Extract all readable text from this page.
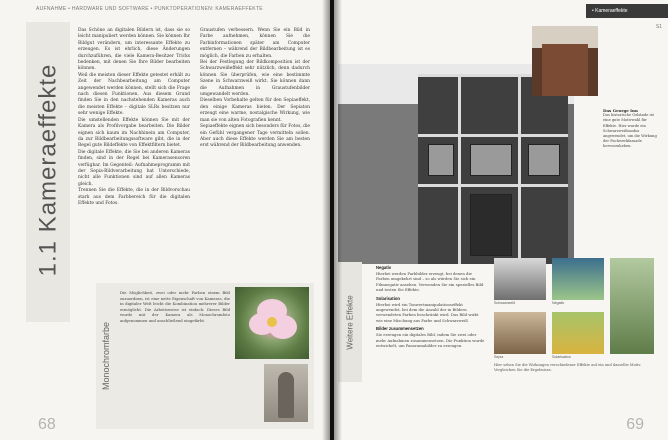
AUFNAHME • HARDWARE UND SOFTWARE • PUNKTOPERATIONEN: KAMERAEFFEKTE
1.1 Kameraeffekte

Das Schöne an digitalen Bildern ist, dass sie so leicht manipuliert werden können. Sie können Ihr Bildgut verändern, um interessante Effekte zu erzeugen. Es ist ehrlich, diese Änderungen durchzuführen, die viele Kamera-Besitzer Tricks bedenken, mit denen Sie Ihre Bilder bearbeiten können.

Weil die meisten dieser Effekte getestet erhält zu Zeit der Nachbearbeitung am Computer angewendet werden können, stellt sich die Frage nach diesen Funktionen. Aus diesem Grund finden Sie in den nachstehenden Kameras auch die meisten Effekte – digitale SLRs besitzen nur sehr wenige Effekte.

Die umstellenden Effekte können Sie mit der Kamera als Profilvorgabe bearbeiten. Die Bilder eignen sich kaum im Nachhinein am Computer, da zur Bildbearbeitungssoftware gibt, die in der Regel gute Bildeffekte von Effektfiltern bietet.

Die digitale Effekte, die Sie bei anderen Kameras finden, sind in der Regel bei Kamerasensoren verfügbar. Im Gegenteil: Aufnahmeprogramm mit der Sepia-Bildverarbeitung hat Unterschiede, nicht alle Funktionen sind auf allen Kameras gleich.

Trennen Sie die Effekte, die in der Bildvorschau stark aus dem Farbbereich für die digitalen Effekte und Fotos.

Graustufen verbessern. Wenn Sie ein Bild in Farbe aufnehmen, können Sie die Farbinformationen später am Computer entfernen – während der Bildbearbeitung ist es möglich, die Farben zu erhalten.

Bei der Festlegung der Bildkomposition ist der Schwarzweißeffekt sehr nützlich, denn dadurch können Sie überprüfen, wie eine bestimmte Szene in Schwarzweiß wirkt. Sie können dann die Aufnahmen in Graustufenbilder umgewandelt werden.

Dieselben Vorbehalte gelten für den Sepiaeffekt, den einige Kameras bieten. Der Sepiaton erzeugt eine warme, nostalgische Wirkung, wie man sie von alten Fotografien kennt.

Sepiaeffekte eignen sich besonders für Fotos, die ein Gefühl vergangener Tage vermitteln sollen. Aber auch diese Effekte werden Sie am besten erst während der Bildbearbeitung anwenden.

Monochromfarbe
Die Möglichkeit, zwei oder mehr Farben einem Bild zuzuordnen, ist eine nette Eigenschaft von Kameras, die in digitaler Welt leicht die Kombination mehrerer Bilder ermöglicht. Die Arbeitsweise ist einfach: Dieses Bild wurde mit der Kamera als Monochromfoto aufgenommen und anschließend eingefärbt.
68
• Kameraeffekte
S1
Das George Inn
Das historische Gebäude ist eine gute Motivwahl für Effekte. Hier wurde ein Schwarzweißmodus angewendet, um die Wirkung der Fachwerkfassade hervorzuheben.
Weitere Effekte
Negativ
Hierbei werden Farbbilder erzeugt, bei denen die Farben umgekehrt sind – so als würden Sie sich ein Filmnegativ ansehen. Verwenden Sie ein spezielles Bild und testen Sie Effekte.
Solarisation
Hierbei wird ein Tonwertmanipulationseffekt angewendet, bei dem die Anzahl der in Bildern verwendeten Farben beschränkt wird. Das Bild wirkt wie eine Mischung aus Farbe und Schwarzweiß.
Bilder zusammensetzen
Sie erzeugen ein digitales Bild, indem Sie zwei oder mehr Aufnahmen zusammensetzen. Die Funktion wurde entwickelt, um Panoramabilder zu erzeugen.
Schwarzweiß	Negativ
Sepia	Solarisation
Hier sehen Sie die Wirkungen verschiedener Effekte auf ein und dasselbe Motiv. Vergleichen Sie die Ergebnisse.
69
